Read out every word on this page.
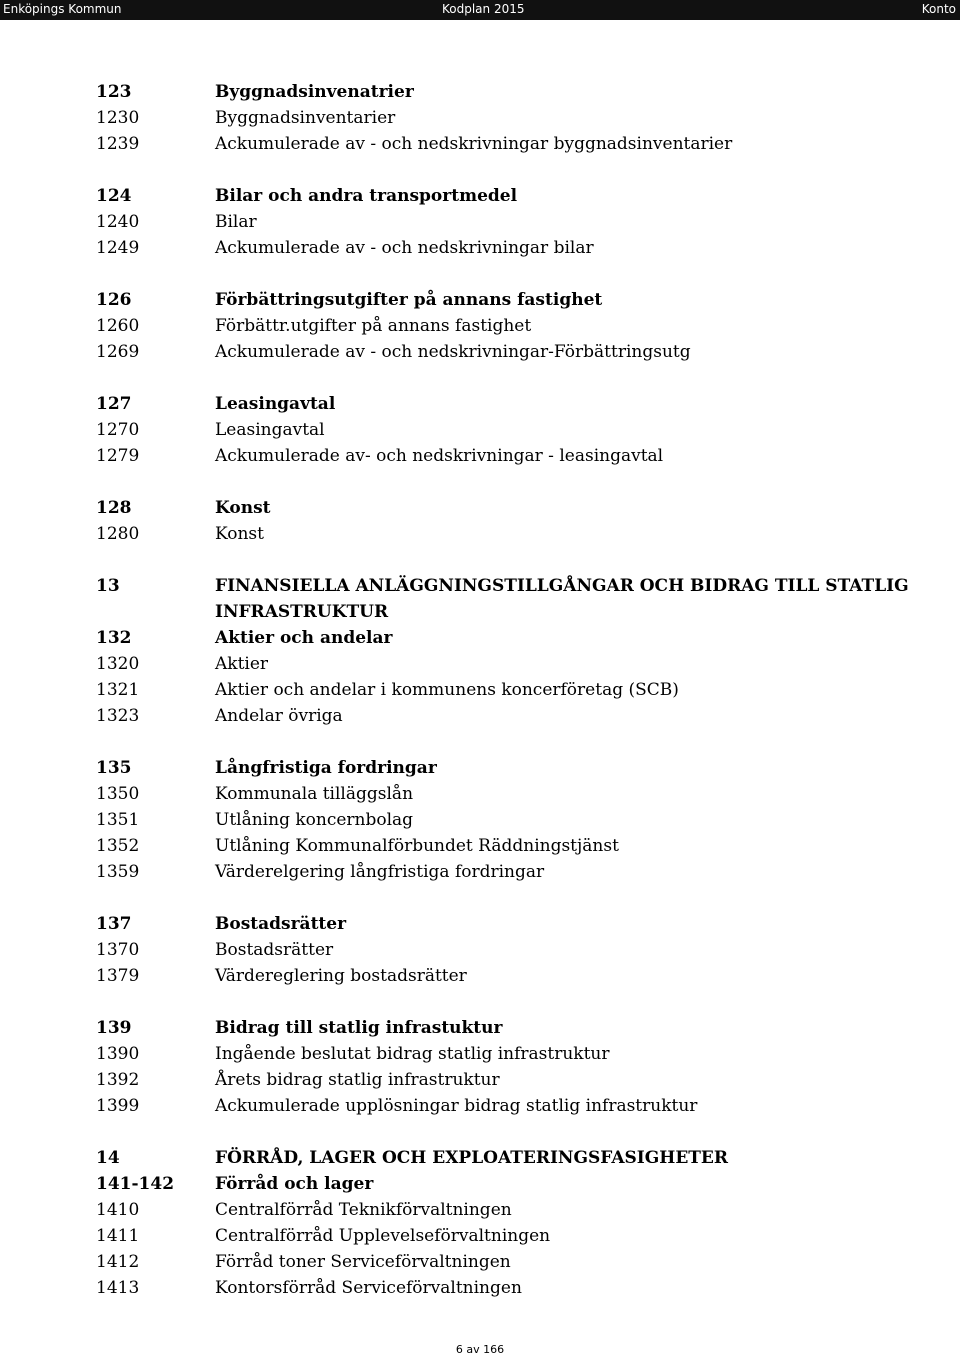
Enköpings Kommun	Kodplan 2015	Konto
123	Byggnadsinvenatrier
1230	Byggnadsinventarier
1239	Ackumulerade av - och nedskrivningar byggnadsinventarier
124	Bilar och andra transportmedel
1240	Bilar
1249	Ackumulerade av - och nedskrivningar bilar
126	Förbättringsutgifter på annans fastighet
1260	Förbättr.utgifter på annans fastighet
1269	Ackumulerade av - och nedskrivningar-Förbättringsutg
127	Leasingavtal
1270	Leasingavtal
1279	Ackumulerade av- och nedskrivningar - leasingavtal
128	Konst
1280	Konst
13	FINANSIELLA ANLÄGGNINGSTILLGÅNGAR OCH BIDRAG TILL STATLIG INFRASTRUKTUR
132	Aktier och andelar
1320	Aktier
1321	Aktier och andelar i kommunens koncerföretag (SCB)
1323	Andelar övriga
135	Långfristiga fordringar
1350	Kommunala tilläggslån
1351	Utlåning koncernbolag
1352	Utlåning Kommunalförbundet Räddningstjänst
1359	Värderelgering långfristiga fordringar
137	Bostadsrätter
1370	Bostadsrätter
1379	Värdereglering bostadsrätter
139	Bidrag till statlig infrastuktur
1390	Ingående beslutat bidrag statlig infrastruktur
1392	Årets bidrag statlig infrastruktur
1399	Ackumulerade upplösningar bidrag statlig infrastruktur
14	FÖRRÅD, LAGER OCH EXPLOATERINGSFASIGHETER
141-142	Förråd och lager
1410	Centralförråd Teknikförvaltningen
1411	Centralförråd Upplevelseförvaltningen
1412	Förråd toner Serviceförvaltningen
1413	Kontorsförråd Serviceförvaltningen
6 av 166
